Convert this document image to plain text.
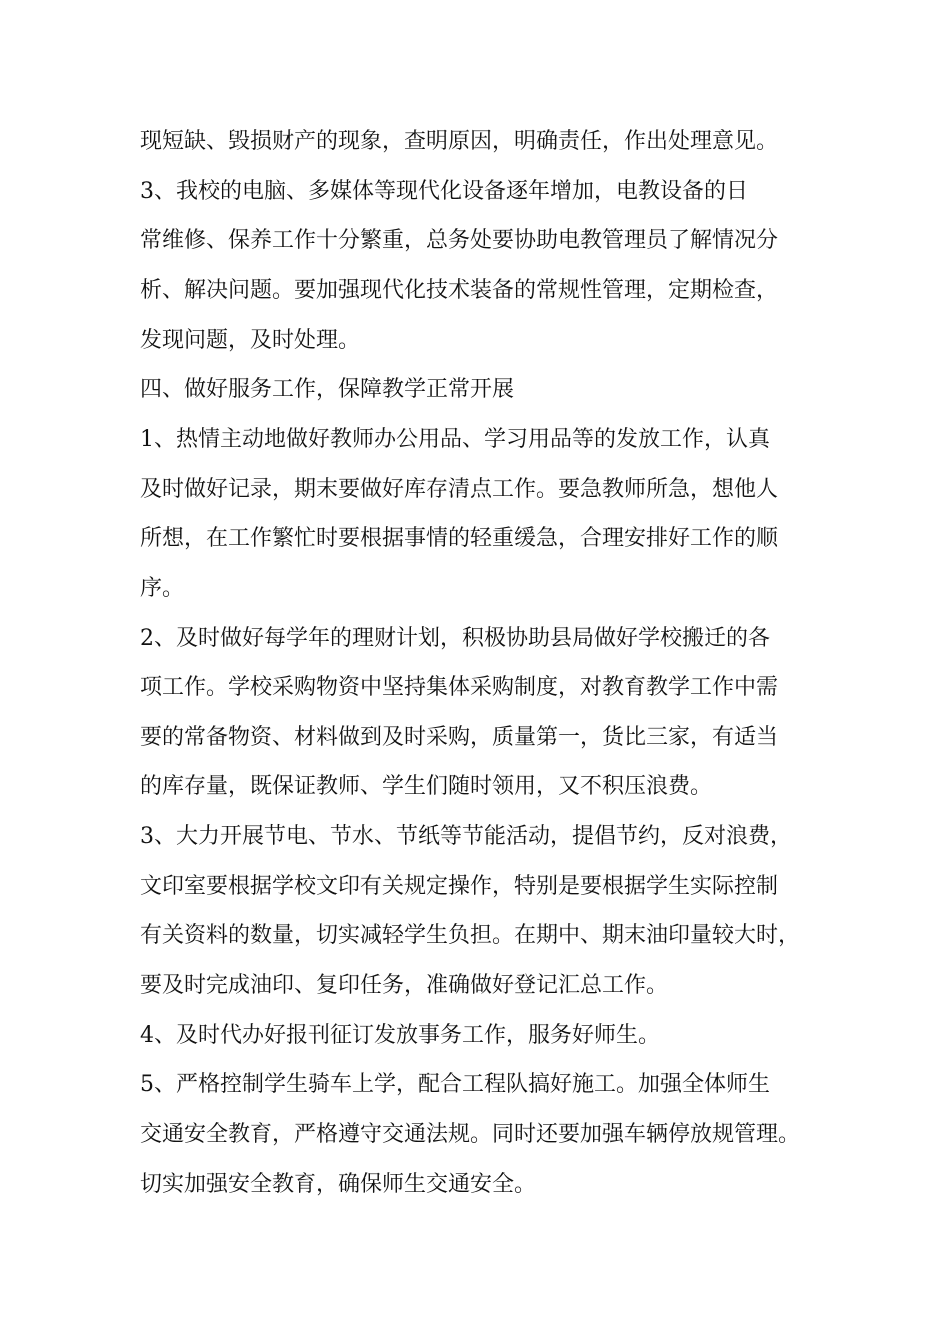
现短缺、毁损财产的现象，查明原因，明确责任，作出处理意见。
3、我校的电脑、多媒体等现代化设备逐年增加，电教设备的日
常维修、保养工作十分繁重，总务处要协助电教管理员了解情况分
析、解决问题。要加强现代化技术装备的常规性管理，定期检查，
发现问题，及时处理。
四、做好服务工作，保障教学正常开展
1、热情主动地做好教师办公用品、学习用品等的发放工作，认真
及时做好记录，期末要做好库存清点工作。要急教师所急，想他人
所想，在工作繁忙时要根据事情的轻重缓急，合理安排好工作的顺
序。
2、及时做好每学年的理财计划，积极协助县局做好学校搬迁的各
项工作。学校采购物资中坚持集体采购制度，对教育教学工作中需
要的常备物资、材料做到及时采购，质量第一，货比三家，有适当
的库存量，既保证教师、学生们随时领用，又不积压浪费。
3、大力开展节电、节水、节纸等节能活动，提倡节约，反对浪费，
文印室要根据学校文印有关规定操作，特别是要根据学生实际控制
有关资料的数量，切实减轻学生负担。在期中、期末油印量较大时，
要及时完成油印、复印任务，准确做好登记汇总工作。
4、及时代办好报刊征订发放事务工作，服务好师生。
5、严格控制学生骑车上学，配合工程队搞好施工。加强全体师生
交通安全教育，严格遵守交通法规。同时还要加强车辆停放规管理。
切实加强安全教育，确保师生交通安全。
